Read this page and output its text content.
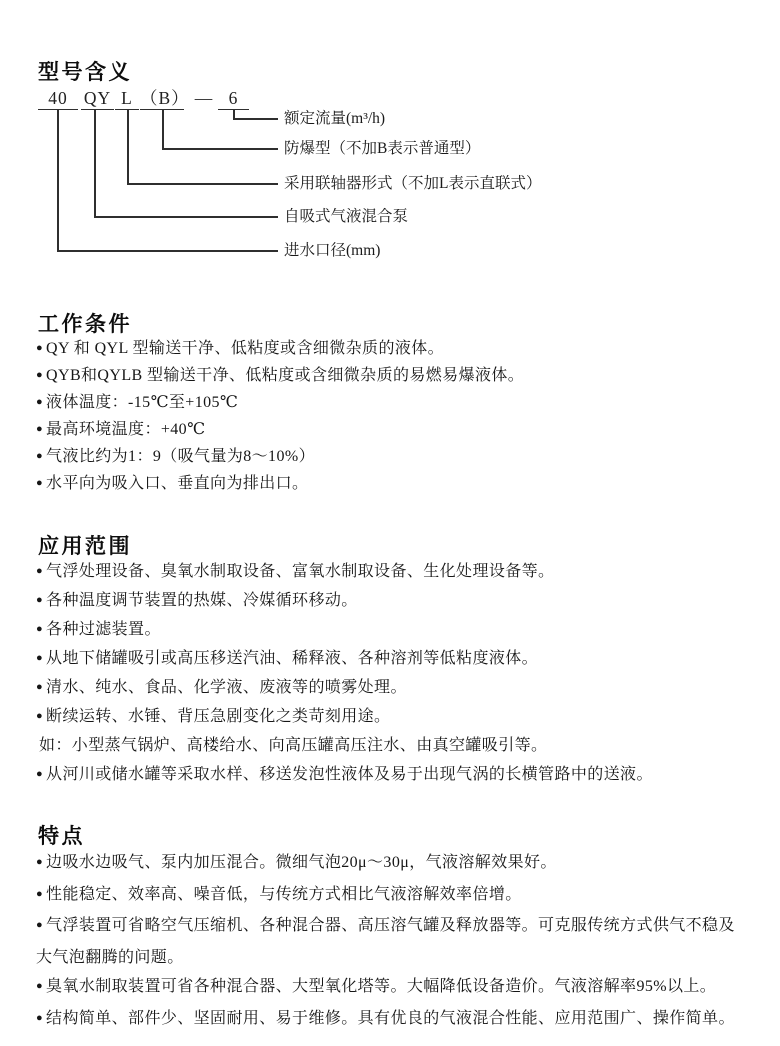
型号含义
40 QY L （B） — 6
额定流量(m³/h)
防爆型（不加B表示普通型）
采用联轴器形式（不加L表示直联式）
自吸式气液混合泵
进水口径(mm)
工作条件
● QY 和 QYL 型输送干净、低粘度或含细微杂质的液体。
● QYB和QYLB 型输送干净、低粘度或含细微杂质的易燃易爆液体。
● 液体温度：-15℃至+105℃
● 最高环境温度：+40℃
● 气液比约为1：9（吸气量为8～10%）
● 水平向为吸入口、垂直向为排出口。
应用范围
● 气浮处理设备、臭氧水制取设备、富氧水制取设备、生化处理设备等。
● 各种温度调节装置的热媒、冷媒循环移动。
● 各种过滤装置。
● 从地下储罐吸引或高压移送汽油、稀释液、各种溶剂等低粘度液体。
● 清水、纯水、食品、化学液、废液等的喷雾处理。
● 断续运转、水锤、背压急剧变化之类苛刻用途。
如：小型蒸气锅炉、高楼给水、向高压罐高压注水、由真空罐吸引等。
● 从河川或储水罐等采取水样、移送发泡性液体及易于出现气涡的长横管路中的送液。
特点
● 边吸水边吸气、泵内加压混合。微细气泡20μ～30μ，气液溶解效果好。
● 性能稳定、效率高、噪音低，与传统方式相比气液溶解效率倍增。
● 气浮装置可省略空气压缩机、各种混合器、高压溶气罐及释放器等。可克服传统方式供气不稳及大气泡翻腾的问题。
● 臭氧水制取装置可省各种混合器、大型氧化塔等。大幅降低设备造价。气液溶解率95%以上。
● 结构简单、部件少、坚固耐用、易于维修。具有优良的气液混合性能、应用范围广、操作简单。
